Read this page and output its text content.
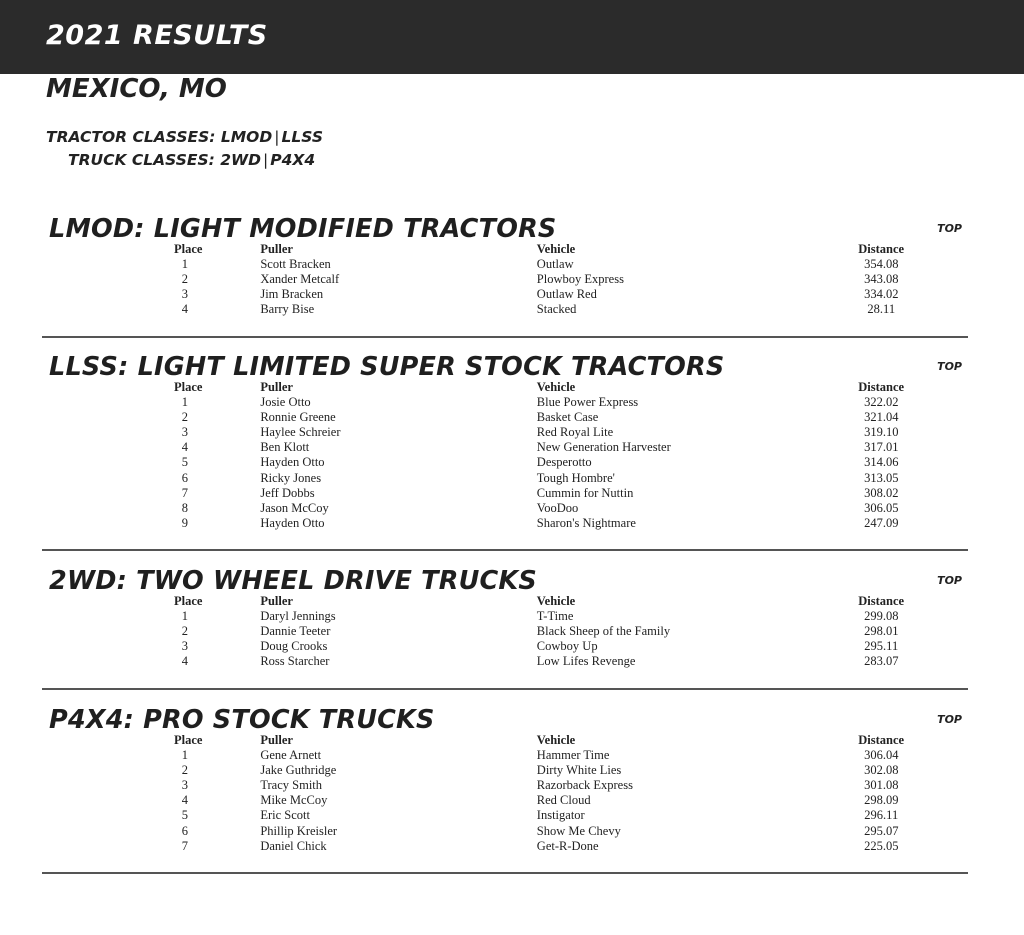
2021 RESULTS
MEXICO, MO
TRACTOR CLASSES: LMOD | LLSS
TRUCK CLASSES: 2WD | P4X4
LMOD: LIGHT MODIFIED TRACTORS	TOP
Place	Puller	Vehicle	Distance
1	Scott Bracken	Outlaw	354.08
2	Xander Metcalf	Plowboy Express	343.08
3	Jim Bracken	Outlaw Red	334.02
4	Barry Bise	Stacked	28.11
LLSS: LIGHT LIMITED SUPER STOCK TRACTORS	TOP
Place	Puller	Vehicle	Distance
1	Josie Otto	Blue Power Express	322.02
2	Ronnie Greene	Basket Case	321.04
3	Haylee Schreier	Red Royal Lite	319.10
4	Ben Klott	New Generation Harvester	317.01
5	Hayden Otto	Desperotto	314.06
6	Ricky Jones	Tough Hombre'	313.05
7	Jeff Dobbs	Cummin for Nuttin	308.02
8	Jason McCoy	VooDoo	306.05
9	Hayden Otto	Sharon's Nightmare	247.09
2WD: TWO WHEEL DRIVE TRUCKS	TOP
Place	Puller	Vehicle	Distance
1	Daryl Jennings	T-Time	299.08
2	Dannie Teeter	Black Sheep of the Family	298.01
3	Doug Crooks	Cowboy Up	295.11
4	Ross Starcher	Low Lifes Revenge	283.07
P4X4: PRO STOCK TRUCKS	TOP
Place	Puller	Vehicle	Distance
1	Gene Arnett	Hammer Time	306.04
2	Jake Guthridge	Dirty White Lies	302.08
3	Tracy Smith	Razorback Express	301.08
4	Mike McCoy	Red Cloud	298.09
5	Eric Scott	Instigator	296.11
6	Phillip Kreisler	Show Me Chevy	295.07
7	Daniel Chick	Get-R-Done	225.05
